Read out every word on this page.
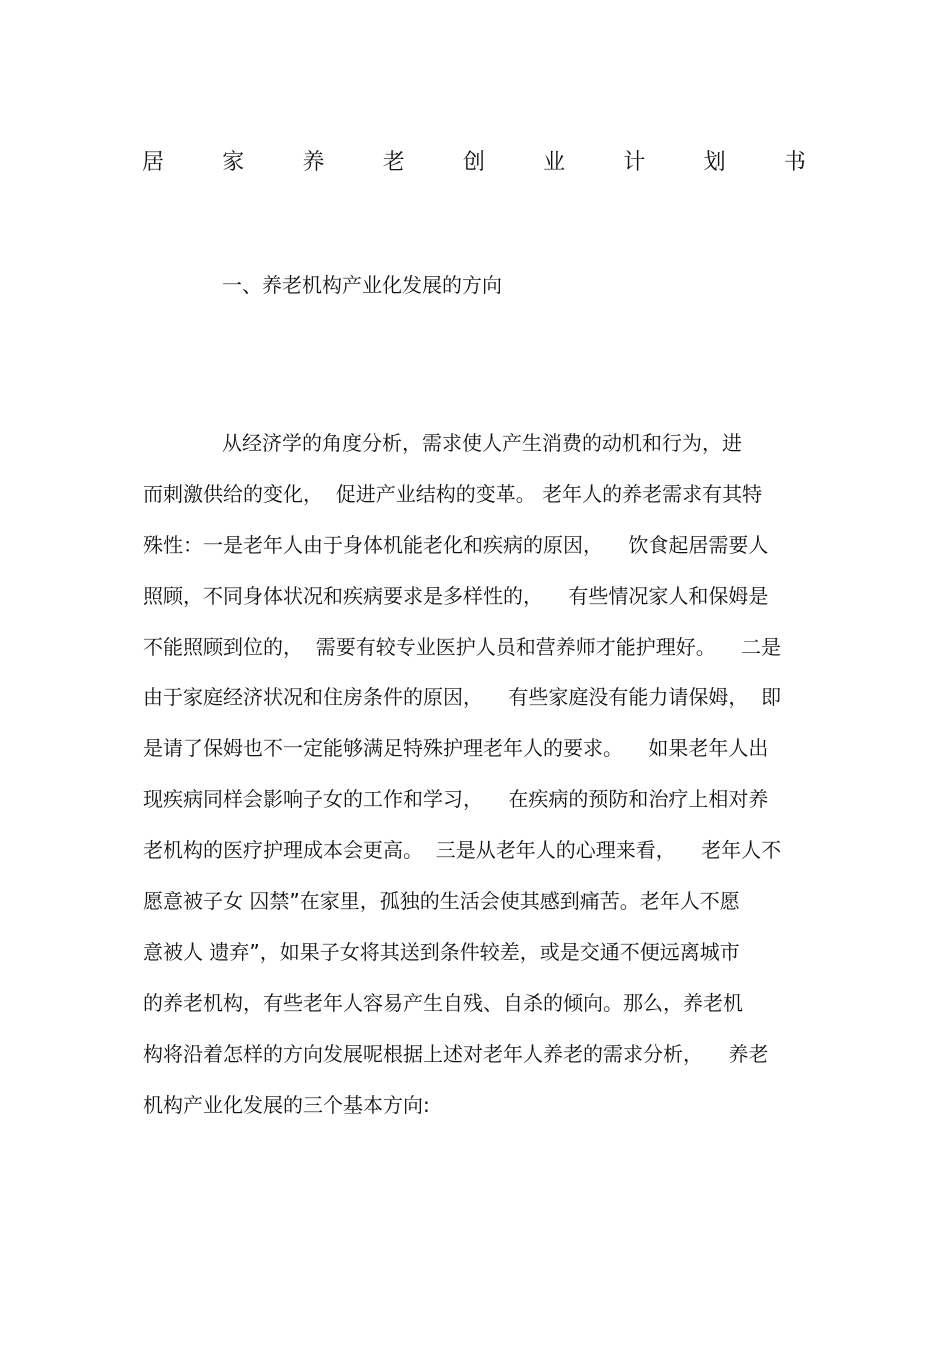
居	家	养	老	创	业	计	划	书
一、养老机构产业化发展的方向
从经济学的角度分析，需求使人产生消费的动机和行为，进
而刺激供给的变化，  促进产业结构的变革。 老年人的养老需求有其特
殊性：一是老年人由于身体机能老化和疾病的原因，    饮食起居需要人
照顾，不同身体状况和疾病要求是多样性的，    有些情况家人和保姆是
不能照顾到位的，  需要有较专业医护人员和营养师才能护理好。    二是
由于家庭经济状况和住房条件的原因，    有些家庭没有能力请保姆，  即
是请了保姆也不一定能够满足特殊护理老年人的要求。    如果老年人出
现疾病同样会影响子女的工作和学习，    在疾病的预防和治疗上相对养
老机构的医疗护理成本会更高。  三是从老年人的心理来看，    老年人不
愿意被子女 囚禁”在家里，孤独的生活会使其感到痛苦。老年人不愿
意被人 遗弃”，如果子女将其送到条件较差，或是交通不便远离城市
的养老机构，有些老年人容易产生自残、自杀的倾向。那么，养老机
构将沿着怎样的方向发展呢根据上述对老年人养老的需求分析，    养老
机构产业化发展的三个基本方向:
